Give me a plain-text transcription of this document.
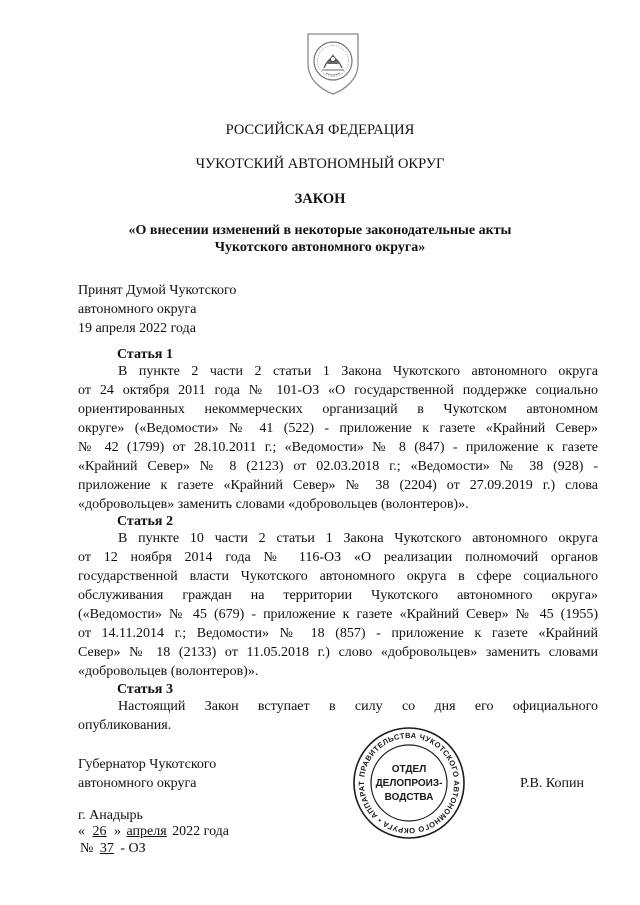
РОССИЙСКАЯ ФЕДЕРАЦИЯ
ЧУКОТСКИЙ АВТОНОМНЫЙ ОКРУГ
ЗАКОН
«О внесении изменений в некоторые законодательные акты
Чукотского автономного округа»
Принят Думой Чукотского
автономного округа
19 апреля 2022 года
Статья 1
В пункте 2 части 2 статьи 1 Закона Чукотского автономного округа
от 24 октября 2011 года № 101-ОЗ «О государственной поддержке социально
ориентированных некоммерческих организаций в Чукотском автономном
округе» («Ведомости» № 41 (522) - приложение к газете «Крайний Север»
№ 42 (1799) от 28.10.2011 г.; «Ведомости» № 8 (847) - приложение к газете
«Крайний Север» № 8 (2123) от 02.03.2018 г.; «Ведомости» № 38 (928) -
приложение к газете «Крайний Север» № 38 (2204) от 27.09.2019 г.) слова
«добровольцев» заменить словами «добровольцев (волонтеров)».
Статья 2
В пункте 10 части 2 статьи 1 Закона Чукотского автономного округа
от 12 ноября 2014 года № 116-ОЗ «О реализации полномочий органов
государственной власти Чукотского автономного округа в сфере социального
обслуживания граждан на территории Чукотского автономного округа»
(«Ведомости» № 45 (679) - приложение к газете «Крайний Север» № 45 (1955)
от 14.11.2014 г.; Ведомости» № 18 (857) - приложение к газете «Крайний
Север» № 18 (2133) от 11.05.2018 г.) слово «добровольцев» заменить словами
«добровольцев (волонтеров)».
Статья 3
Настоящий Закон вступает в силу со дня его официального
опубликования.
Губернатор Чукотского
автономного округа	Р.В. Копин
г. Анадырь
« 26 » апреля 2022 года
№ 37 - ОЗ
ПРАВИТЕЛЬСТВА ЧУКОТСКОГО АВТОНОМНОГО ОКРУГА • АППАРАТ
ОТДЕЛ
ДЕЛОПРОИЗ-
ВОДСТВА
